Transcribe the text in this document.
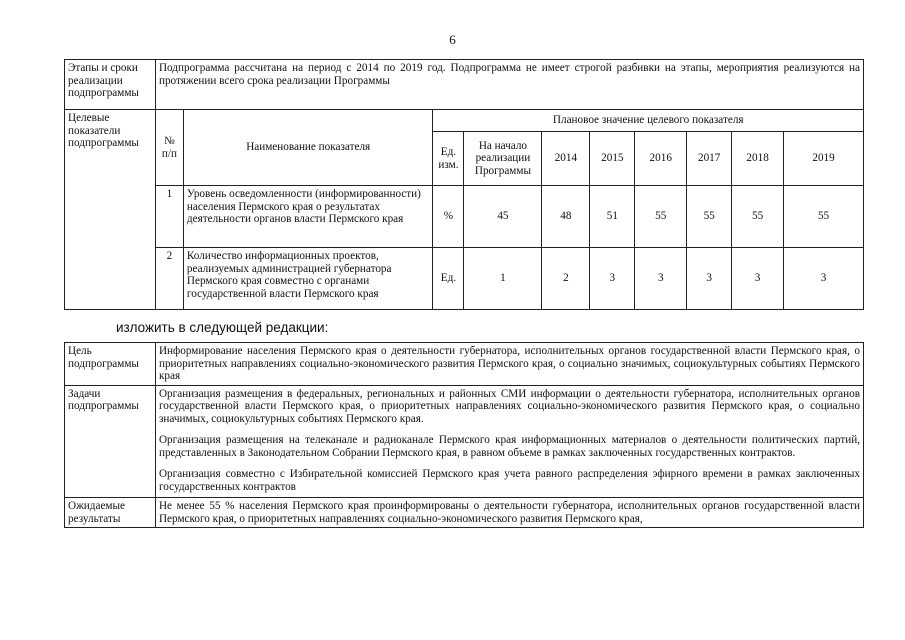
6
Этапы и сроки реализации подпрограммы	Подпрограмма рассчитана на период с 2014 по 2019 год. Подпрограмма не имеет строгой разбивки на этапы, мероприятия реализуются на протяжении всего срока реализации Программы									
Целевые показатели подпрограммы	№ п/п	Наименование показателя	Плановое значение целевого показателя							
			Ед. изм.	На начало реализации Программы	2014	2015	2016	2017	2018	2019
	1	Уровень осведомленности (информированности) населения Пермского края о результатах деятельности органов власти Пермского края	%	45	48	51	55	55	55	55
	2	Количество информационных проектов, реализуемых администрацией губернатора Пермского края совместно с органами государственной власти Пермского края	Ед.	1	2	3	3	3	3	3
изложить в следующей редакции:
Цель подпрограммы	Информирование населения Пермского края о деятельности губернатора, исполнительных органов государственной власти Пермского края, о приоритетных направлениях социально-экономического развития Пермского края, о социально значимых, социокультурных событиях Пермского края
Задачи подпрограммы	Организация размещения в федеральных, региональных и районных СМИ информации о деятельности губернатора, исполнительных органов государственной власти Пермского края, о приоритетных направлениях социально-экономического развития Пермского края, о социально значимых, социокультурных событиях Пермского края.

Организация размещения на телеканале и радиоканале Пермского края информационных материалов о деятельности политических партий, представленных в Законодательном Собрании Пермского края, в равном объеме в рамках заключенных государственных контрактов.

Организация совместно с Избирательной комиссией Пермского края учета равного распределения эфирного времени в рамках заключенных государственных контрактов

Ожидаемые результаты	Не менее 55 % населения Пермского края проинформированы о деятельности губернатора, исполнительных органов государственной власти Пермского края, о приоритетных направлениях социально-экономического развития Пермского края,
